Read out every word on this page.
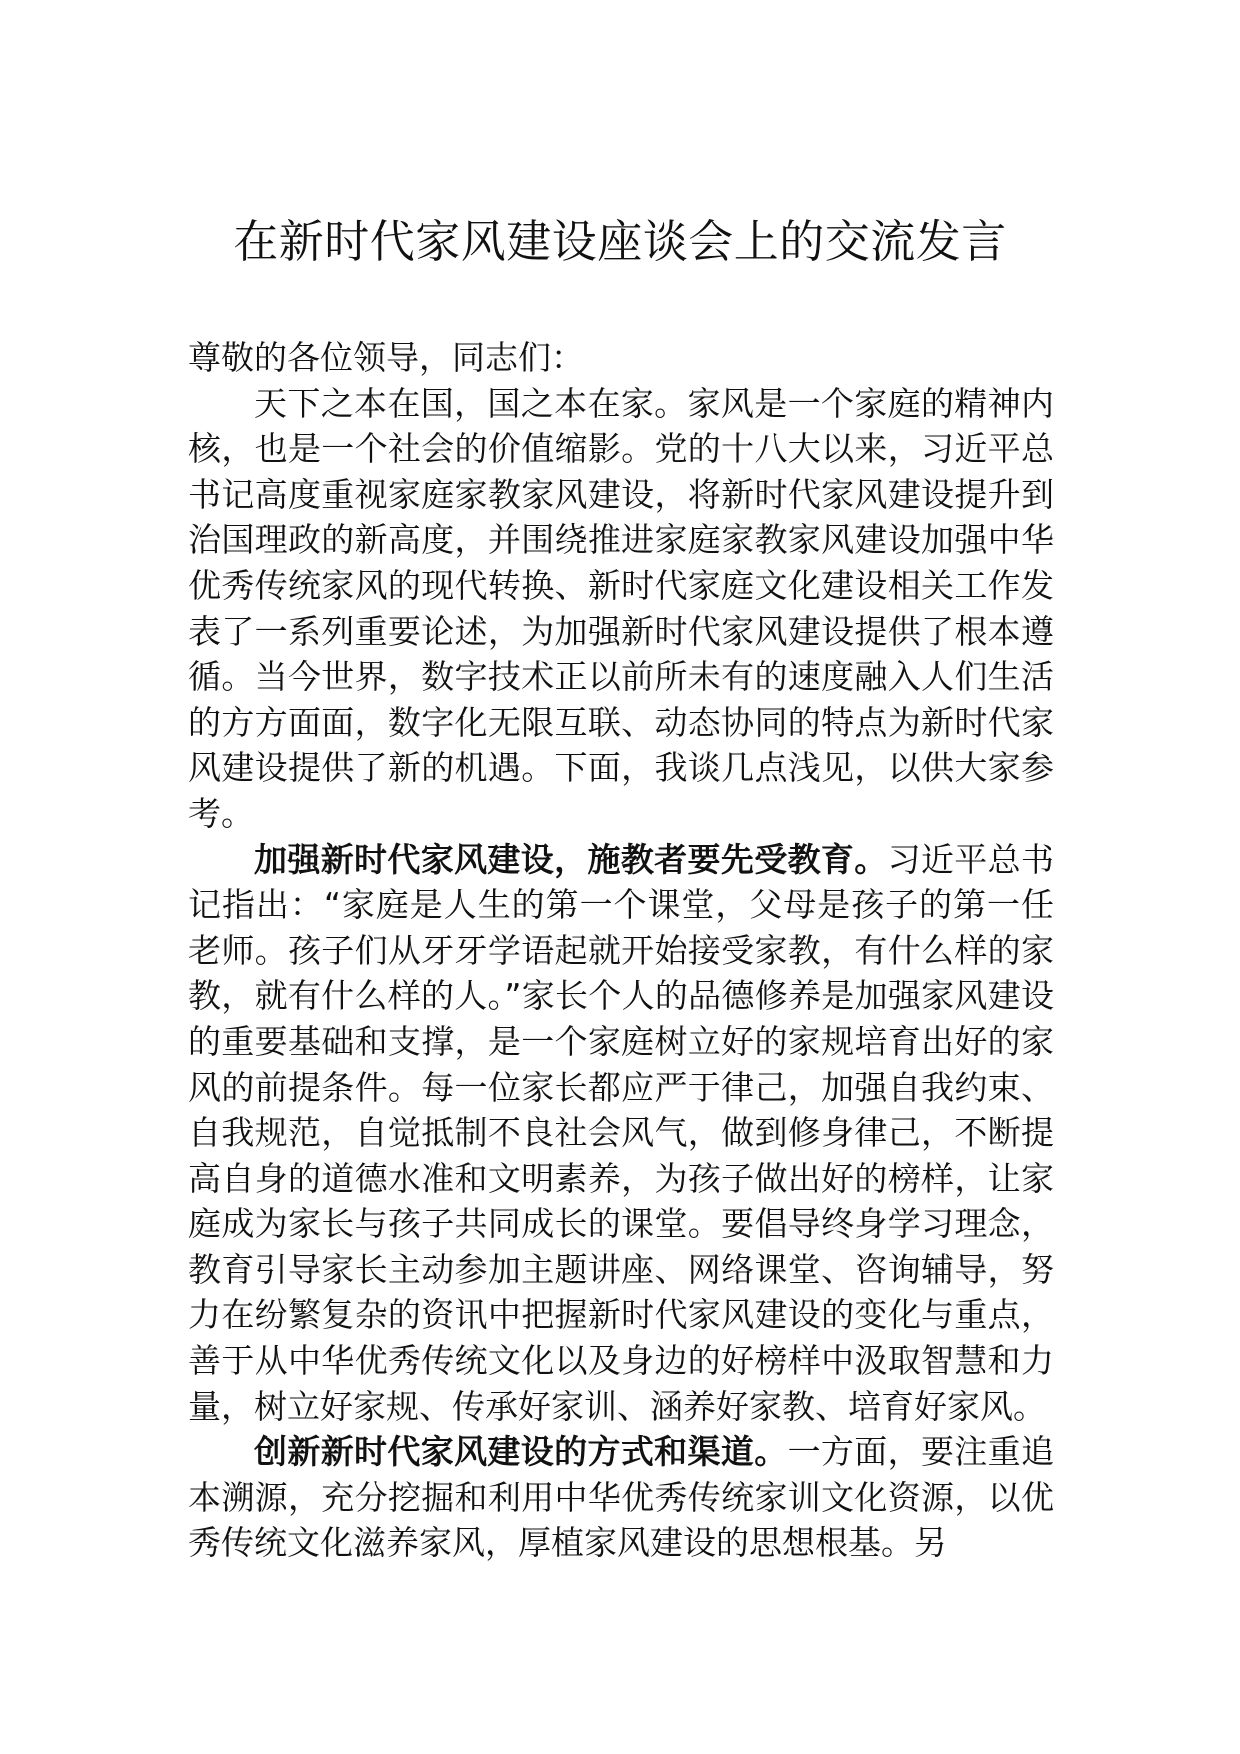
在新时代家风建设座谈会上的交流发言

尊敬的各位领导，同志们：

天下之本在国，国之本在家。家风是一个家庭的精神内核，也是一个社会的价值缩影。党的十八大以来，习近平总书记高度重视家庭家教家风建设，将新时代家风建设提升到治国理政的新高度，并围绕推进家庭家教家风建设加强中华优秀传统家风的现代转换、新时代家庭文化建设相关工作发表了一系列重要论述，为加强新时代家风建设提供了根本遵循。当今世界，数字技术正以前所未有的速度融入人们生活的方方面面，数字化无限互联、动态协同的特点为新时代家风建设提供了新的机遇。下面，我谈几点浅见，以供大家参考。

加强新时代家风建设，施教者要先受教育。习近平总书记指出：“家庭是人生的第一个课堂，父母是孩子的第一任老师。孩子们从牙牙学语起就开始接受家教，有什么样的家教，就有什么样的人。”家长个人的品德修养是加强家风建设的重要基础和支撑，是一个家庭树立好的家规培育出好的家风的前提条件。每一位家长都应严于律己，加强自我约束、自我规范，自觉抵制不良社会风气，做到修身律己，不断提高自身的道德水准和文明素养，为孩子做出好的榜样，让家庭成为家长与孩子共同成长的课堂。要倡导终身学习理念，教育引导家长主动参加主题讲座、网络课堂、咨询辅导，努力在纷繁复杂的资讯中把握新时代家风建设的变化与重点，善于从中华优秀传统文化以及身边的好榜样中汲取智慧和力量，树立好家规、传承好家训、涵养好家教、培育好家风。

创新新时代家风建设的方式和渠道。一方面，要注重追本溯源，充分挖掘和利用中华优秀传统家训文化资源，以优秀传统文化滋养家风，厚植家风建设的思想根基。另
